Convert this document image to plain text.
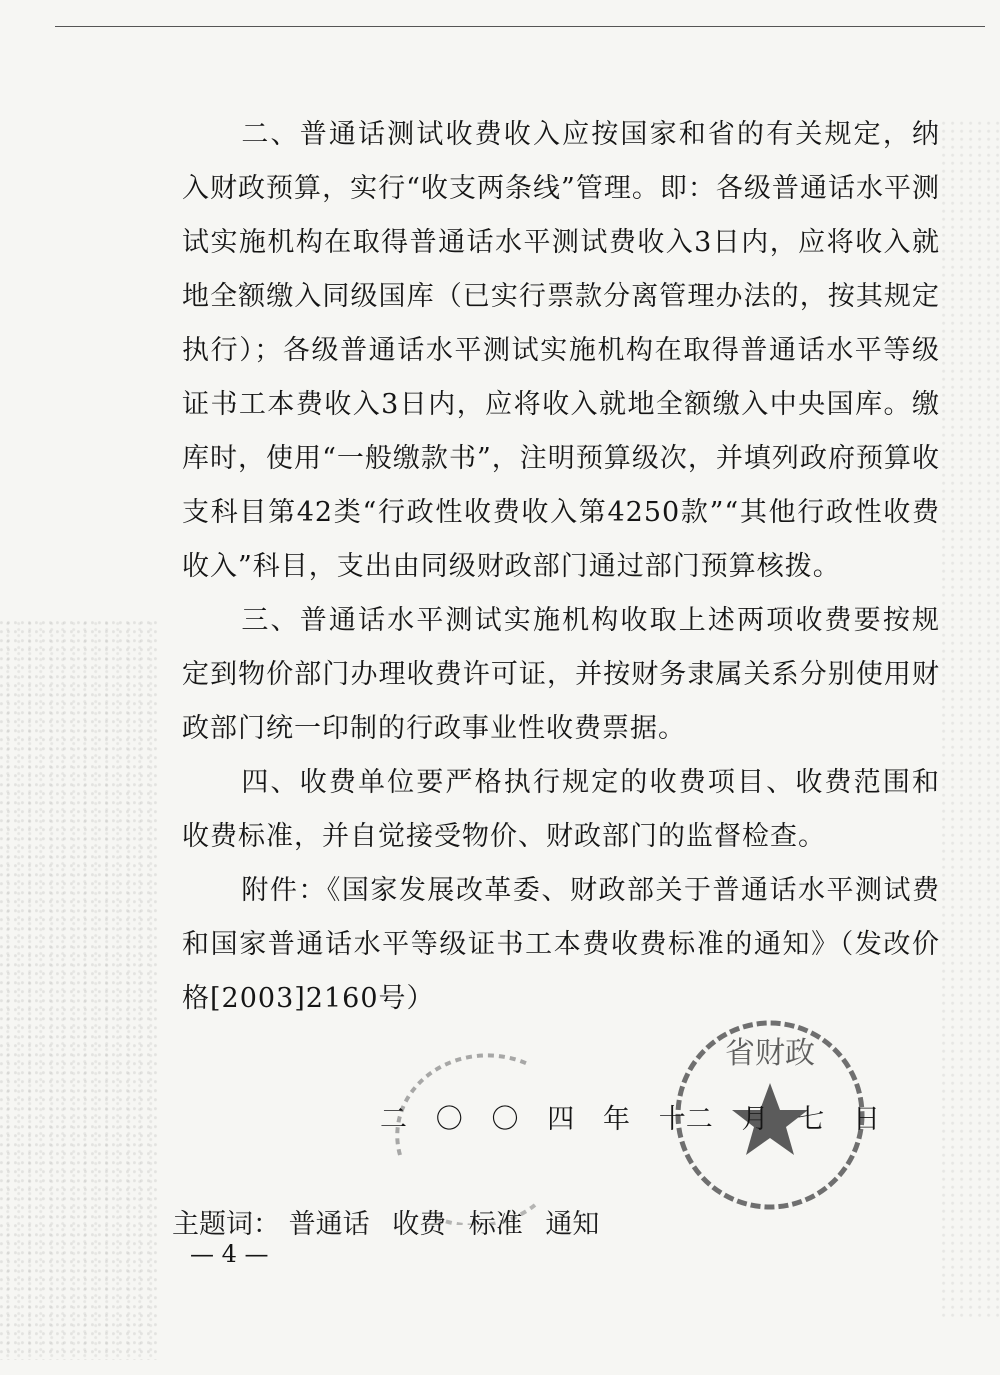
二、普通话测试收费收入应按国家和省的有关规定，纳入财政预算，实行“收支两条线”管理。即：各级普通话水平测试实施机构在取得普通话水平测试费收入3日内，应将收入就地全额缴入同级国库（已实行票款分离管理办法的，按其规定执行）；各级普通话水平测试实施机构在取得普通话水平等级证书工本费收入3日内，应将收入就地全额缴入中央国库。缴库时，使用“一般缴款书”，注明预算级次，并填列政府预算收支科目第42类“行政性收费收入第4250款”“其他行政性收费收入”科目，支出由同级财政部门通过部门预算核拨。

三、普通话水平测试实施机构收取上述两项收费要按规定到物价部门办理收费许可证，并按财务隶属关系分别使用财政部门统一印制的行政事业性收费票据。

四、收费单位要严格执行规定的收费项目、收费范围和收费标准，并自觉接受物价、财政部门的监督检查。

附件：《国家发展改革委、财政部关于普通话水平测试费和国家普通话水平等级证书工本费收费标准的通知》（发改价格[2003]2160号）

省财政
二 〇 〇 四 年 十二 月 七 日
主题词： 普通话 收费 标准 通知
— 4 —
